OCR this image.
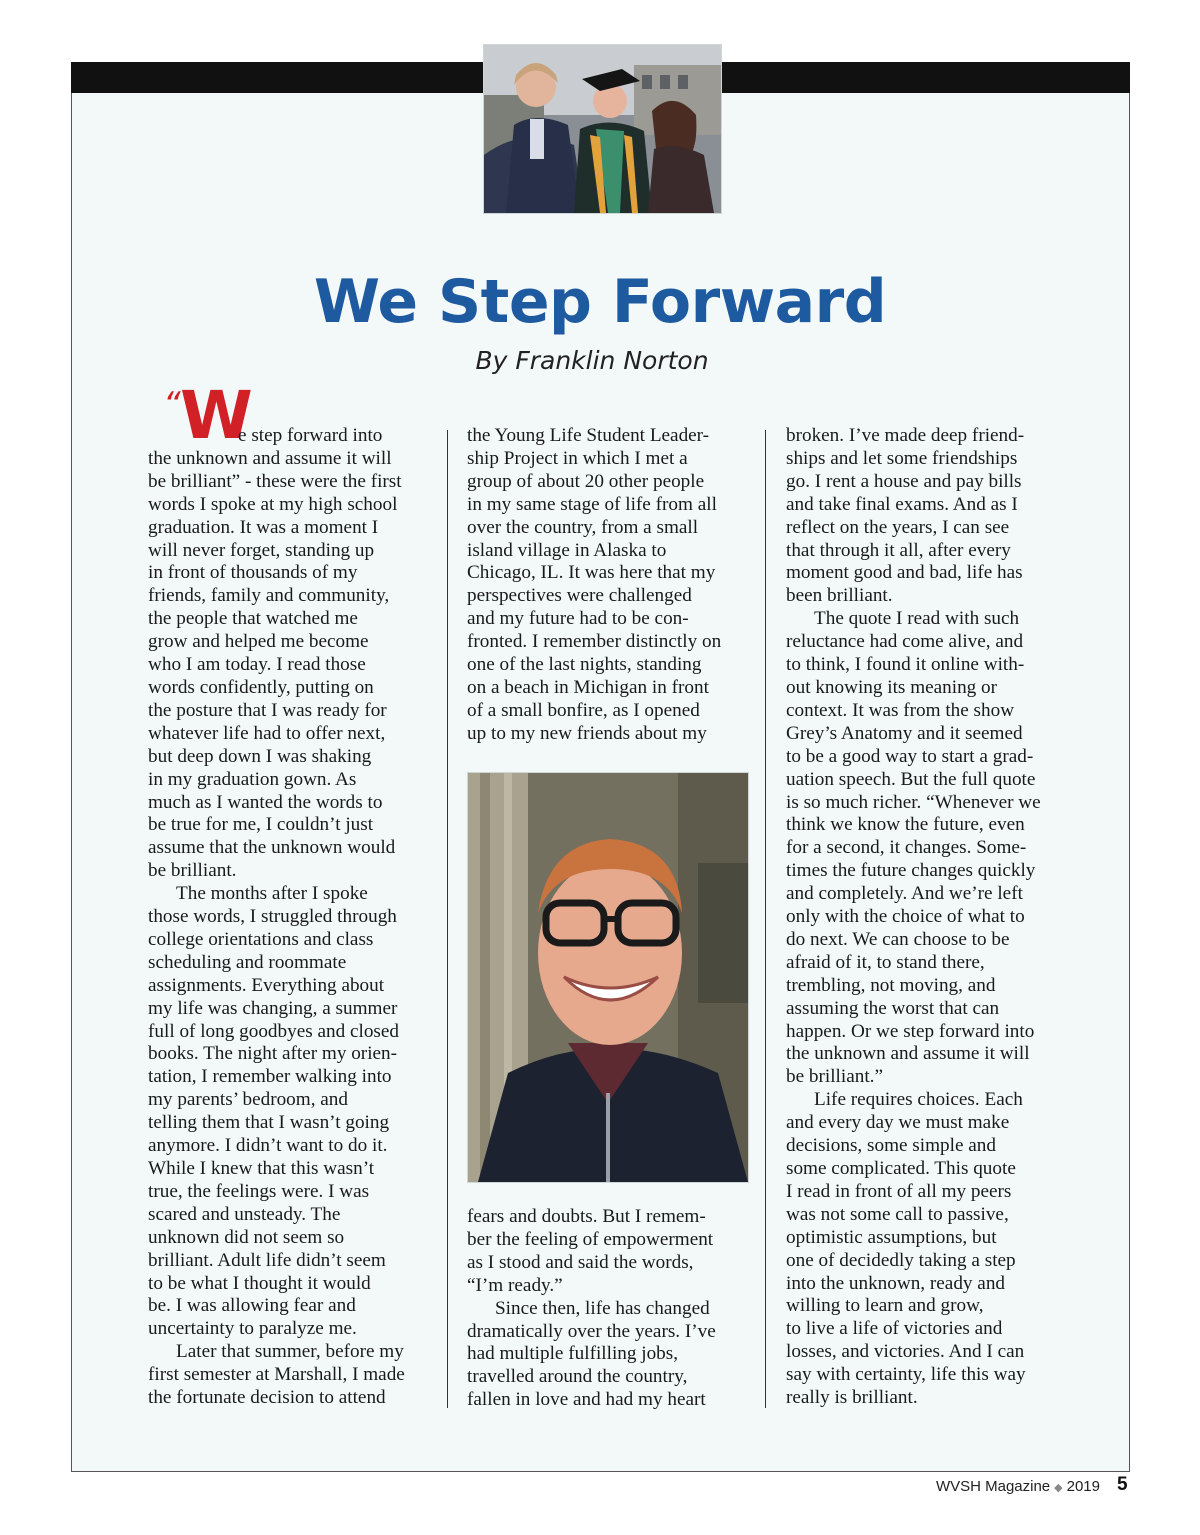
We Step Forward
By Franklin Norton
“ W

e step forward into
the unknown and assume it will
be brilliant” - these were the first
words I spoke at my high school
graduation. It was a moment I
will never forget, standing up
in front of thousands of my
friends, family and community,
the people that watched me
grow and helped me become
who I am today. I read those
words confidently, putting on
the posture that I was ready for
whatever life had to offer next,
but deep down I was shaking
in my graduation gown. As
much as I wanted the words to
be true for me, I couldn’t just
assume that the unknown would
be brilliant.

The months after I spoke
those words, I struggled through
college orientations and class
scheduling and roommate
assignments. Everything about
my life was changing, a summer
full of long goodbyes and closed
books. The night after my orien-
tation, I remember walking into
my parents’ bedroom, and
telling them that I wasn’t going
anymore. I didn’t want to do it.
While I knew that this wasn’t
true, the feelings were. I was
scared and unsteady. The
unknown did not seem so
brilliant. Adult life didn’t seem
to be what I thought it would
be. I was allowing fear and
uncertainty to paralyze me.

Later that summer, before my
first semester at Marshall, I made
the fortunate decision to attend

the Young Life Student Leader-
ship Project in which I met a
group of about 20 other people
in my same stage of life from all
over the country, from a small
island village in Alaska to
Chicago, IL. It was here that my
perspectives were challenged
and my future had to be con-
fronted. I remember distinctly on
one of the last nights, standing
on a beach in Michigan in front
of a small bonfire, as I opened
up to my new friends about my

fears and doubts. But I remem-
ber the feeling of empowerment
as I stood and said the words,
“I’m ready.”

Since then, life has changed
dramatically over the years. I’ve
had multiple fulfilling jobs,
travelled around the country,
fallen in love and had my heart

broken. I’ve made deep friend-
ships and let some friendships
go. I rent a house and pay bills
and take final exams. And as I
reflect on the years, I can see
that through it all, after every
moment good and bad, life has
been brilliant.

The quote I read with such
reluctance had come alive, and
to think, I found it online with-
out knowing its meaning or
context. It was from the show
Grey’s Anatomy and it seemed
to be a good way to start a grad-
uation speech. But the full quote
is so much richer. “Whenever we
think we know the future, even
for a second, it changes. Some-
times the future changes quickly
and completely. And we’re left
only with the choice of what to
do next. We can choose to be
afraid of it, to stand there,
trembling, not moving, and
assuming the worst that can
happen. Or we step forward into
the unknown and assume it will
be brilliant.”

Life requires choices. Each
and every day we must make
decisions, some simple and
some complicated. This quote
I read in front of all my peers
was not some call to passive,
optimistic assumptions, but
one of decidedly taking a step
into the unknown, ready and
willing to learn and grow,
to live a life of victories and
losses, and victories. And I can
say with certainty, life this way
really is brilliant.

WVSH Magazine ◆ 2019 5
